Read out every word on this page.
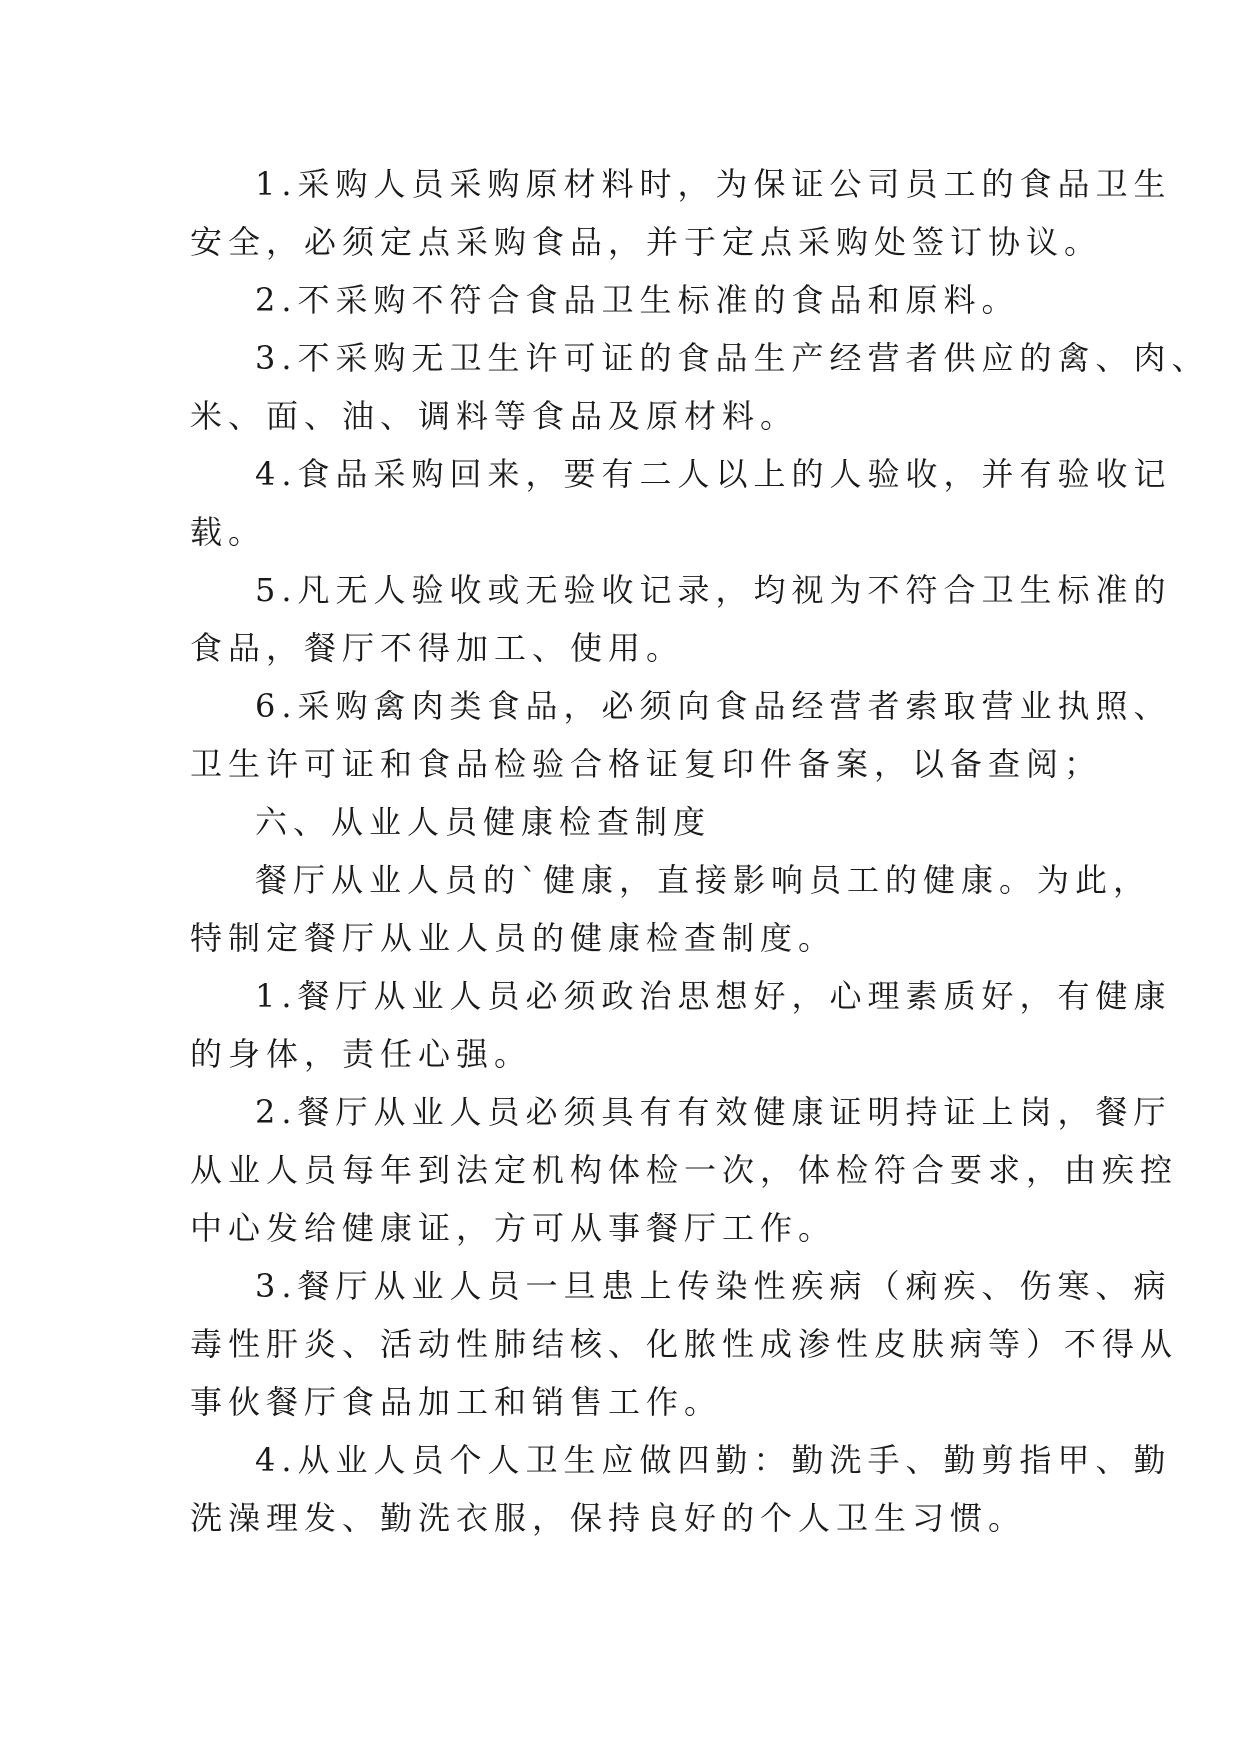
1.采购人员采购原材料时，为保证公司员工的食品卫生
安全，必须定点采购食品，并于定点采购处签订协议。
2.不采购不符合食品卫生标准的食品和原料。
3.不采购无卫生许可证的食品生产经营者供应的禽、肉、
米、面、油、调料等食品及原材料。
4.食品采购回来，要有二人以上的人验收，并有验收记
载。
5.凡无人验收或无验收记录，均视为不符合卫生标准的
食品，餐厅不得加工、使用。
6.采购禽肉类食品，必须向食品经营者索取营业执照、
卫生许可证和食品检验合格证复印件备案，以备查阅；
六、从业人员健康检查制度
餐厅从业人员的`健康，直接影响员工的健康。为此，
特制定餐厅从业人员的健康检查制度。
1.餐厅从业人员必须政治思想好，心理素质好，有健康
的身体，责任心强。
2.餐厅从业人员必须具有有效健康证明持证上岗，餐厅
从业人员每年到法定机构体检一次，体检符合要求，由疾控
中心发给健康证，方可从事餐厅工作。
3.餐厅从业人员一旦患上传染性疾病（痢疾、伤寒、病
毒性肝炎、活动性肺结核、化脓性成渗性皮肤病等）不得从
事伙餐厅食品加工和销售工作。
4.从业人员个人卫生应做四勤：勤洗手、勤剪指甲、勤
洗澡理发、勤洗衣服，保持良好的个人卫生习惯。
